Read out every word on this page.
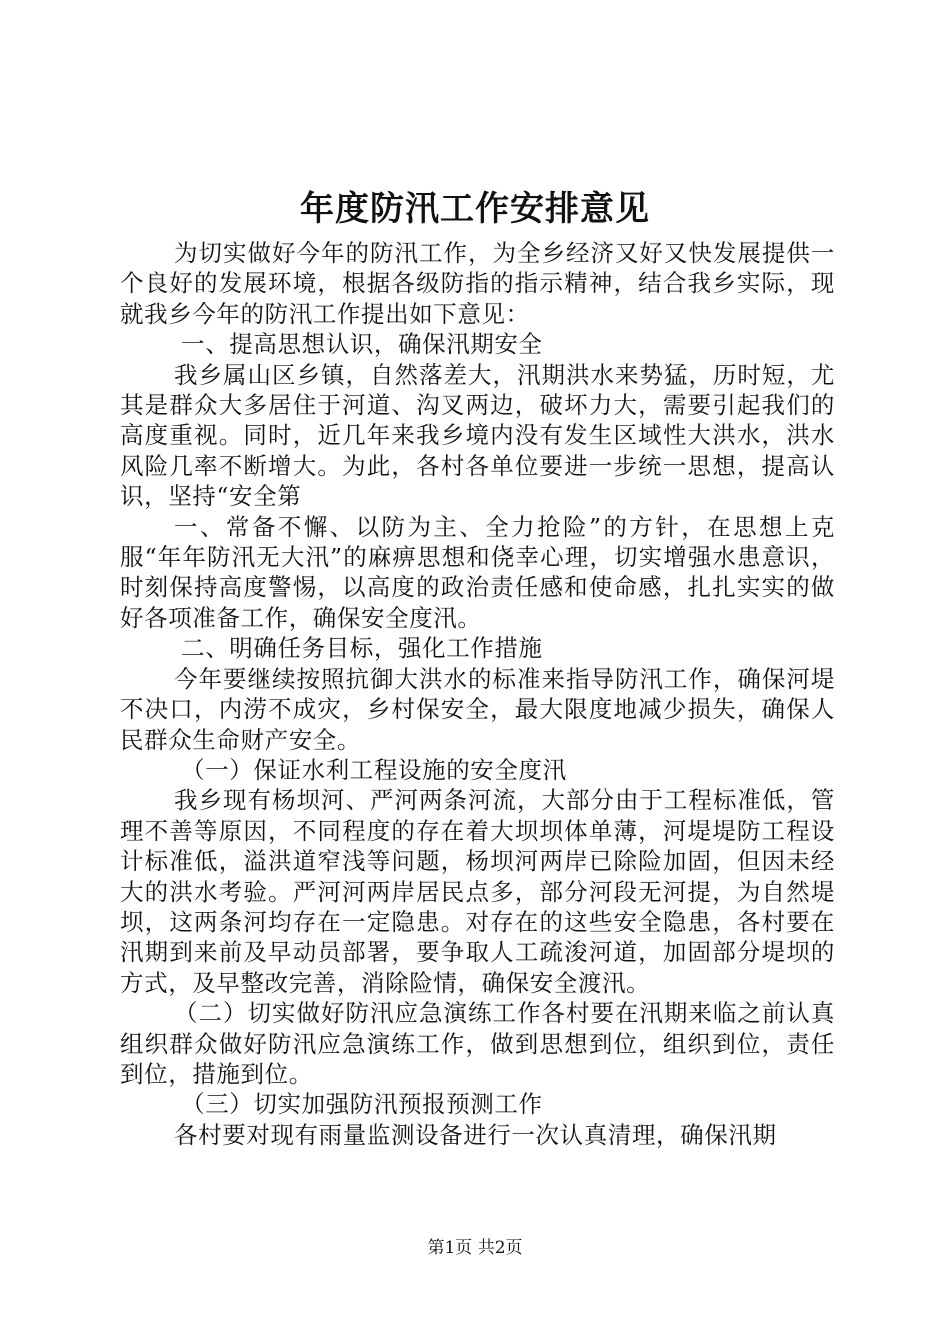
年度防汛工作安排意见

为切实做好今年的防汛工作，为全乡经济又好又快发展提供一个良好的发展环境，根据各级防指的指示精神，结合我乡实际，现就我乡今年的防汛工作提出如下意见：

一、提高思想认识，确保汛期安全

我乡属山区乡镇，自然落差大，汛期洪水来势猛，历时短，尤其是群众大多居住于河道、沟叉两边，破坏力大，需要引起我们的高度重视。同时，近几年来我乡境内没有发生区域性大洪水，洪水风险几率不断增大。为此，各村各单位要进一步统一思想，提高认识，坚持“安全第

一、常备不懈、以防为主、全力抢险”的方针，在思想上克服“年年防汛无大汛”的麻痹思想和侥幸心理，切实增强水患意识，时刻保持高度警惕，以高度的政治责任感和使命感，扎扎实实的做好各项准备工作，确保安全度汛。

二、明确任务目标，强化工作措施

今年要继续按照抗御大洪水的标准来指导防汛工作，确保河堤不决口，内涝不成灾，乡村保安全，最大限度地减少损失，确保人民群众生命财产安全。

（一）保证水利工程设施的安全度汛

我乡现有杨坝河、严河两条河流，大部分由于工程标准低，管理不善等原因，不同程度的存在着大坝坝体单薄，河堤堤防工程设计标准低，溢洪道窄浅等问题，杨坝河两岸已除险加固，但因未经大的洪水考验。严河河两岸居民点多，部分河段无河提，为自然堤坝，这两条河均存在一定隐患。对存在的这些安全隐患，各村要在汛期到来前及早动员部署，要争取人工疏浚河道，加固部分堤坝的方式，及早整改完善，消除险情，确保安全渡汛。

（二）切实做好防汛应急演练工作各村要在汛期来临之前认真组织群众做好防汛应急演练工作，做到思想到位，组织到位，责任到位，措施到位。

（三）切实加强防汛预报预测工作

各村要对现有雨量监测设备进行一次认真清理，确保汛期

第1页 共2页
